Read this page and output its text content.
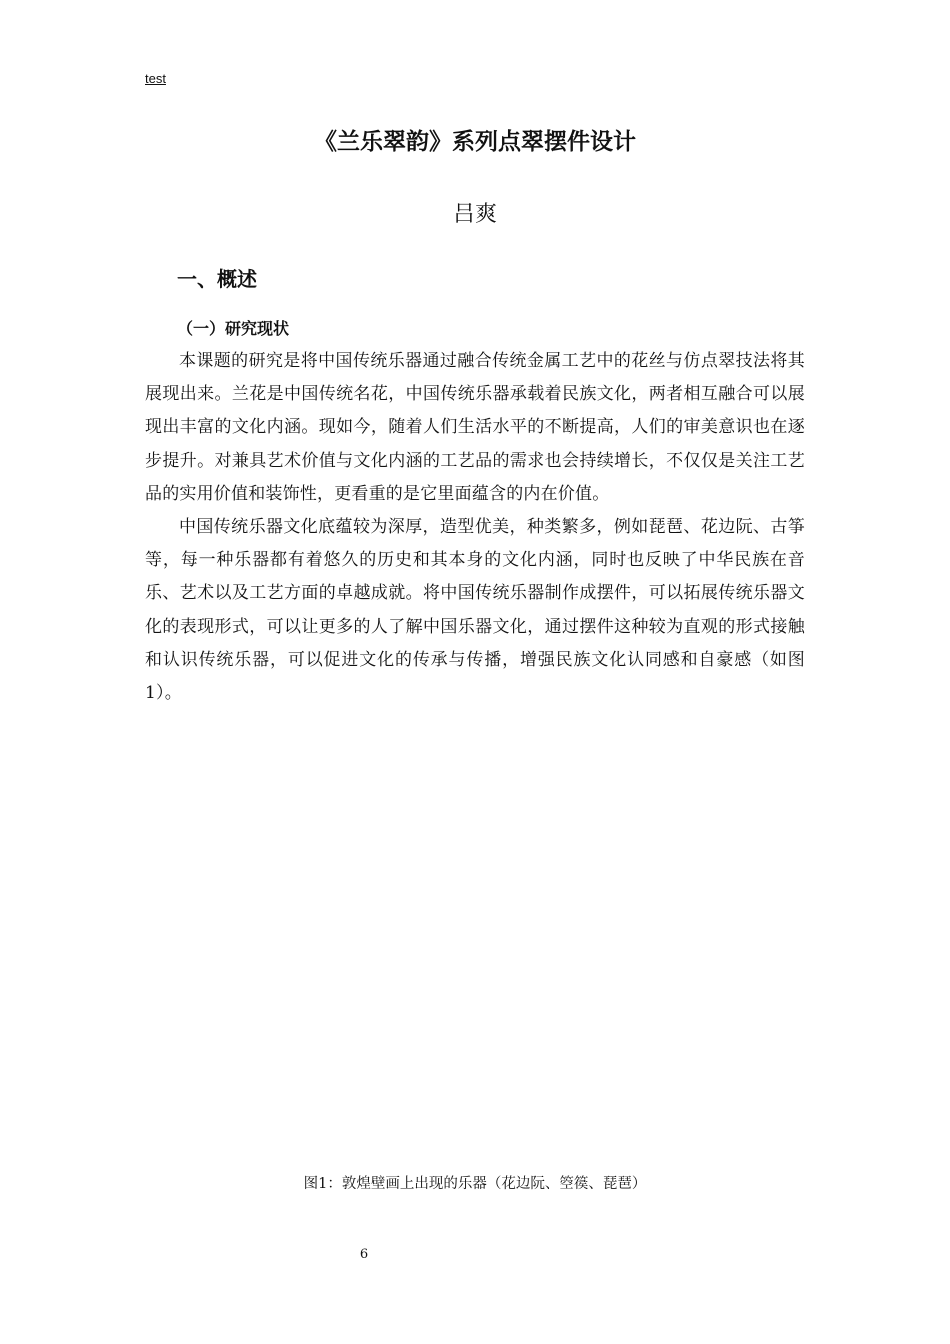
test
《兰乐翠韵》系列点翠摆件设计
吕爽
一、概述
（一）研究现状

本课题的研究是将中国传统乐器通过融合传统金属工艺中的花丝与仿点翠技法将其展现出来。兰花是中国传统名花，中国传统乐器承载着民族文化，两者相互融合可以展现出丰富的文化内涵。现如今，随着人们生活水平的不断提高，人们的审美意识也在逐步提升。对兼具艺术价值与文化内涵的工艺品的需求也会持续增长，不仅仅是关注工艺品的实用价值和装饰性，更看重的是它里面蕴含的内在价值。

中国传统乐器文化底蕴较为深厚，造型优美，种类繁多，例如琵琶、花边阮、古筝等，每一种乐器都有着悠久的历史和其本身的文化内涵，同时也反映了中华民族在音乐、艺术以及工艺方面的卓越成就。将中国传统乐器制作成摆件，可以拓展传统乐器文化的表现形式，可以让更多的人了解中国乐器文化，通过摆件这种较为直观的形式接触和认识传统乐器，可以促进文化的传承与传播，增强民族文化认同感和自豪感（如图1）。

图1：敦煌壁画上出现的乐器（花边阮、箜篌、琵琶）
6
